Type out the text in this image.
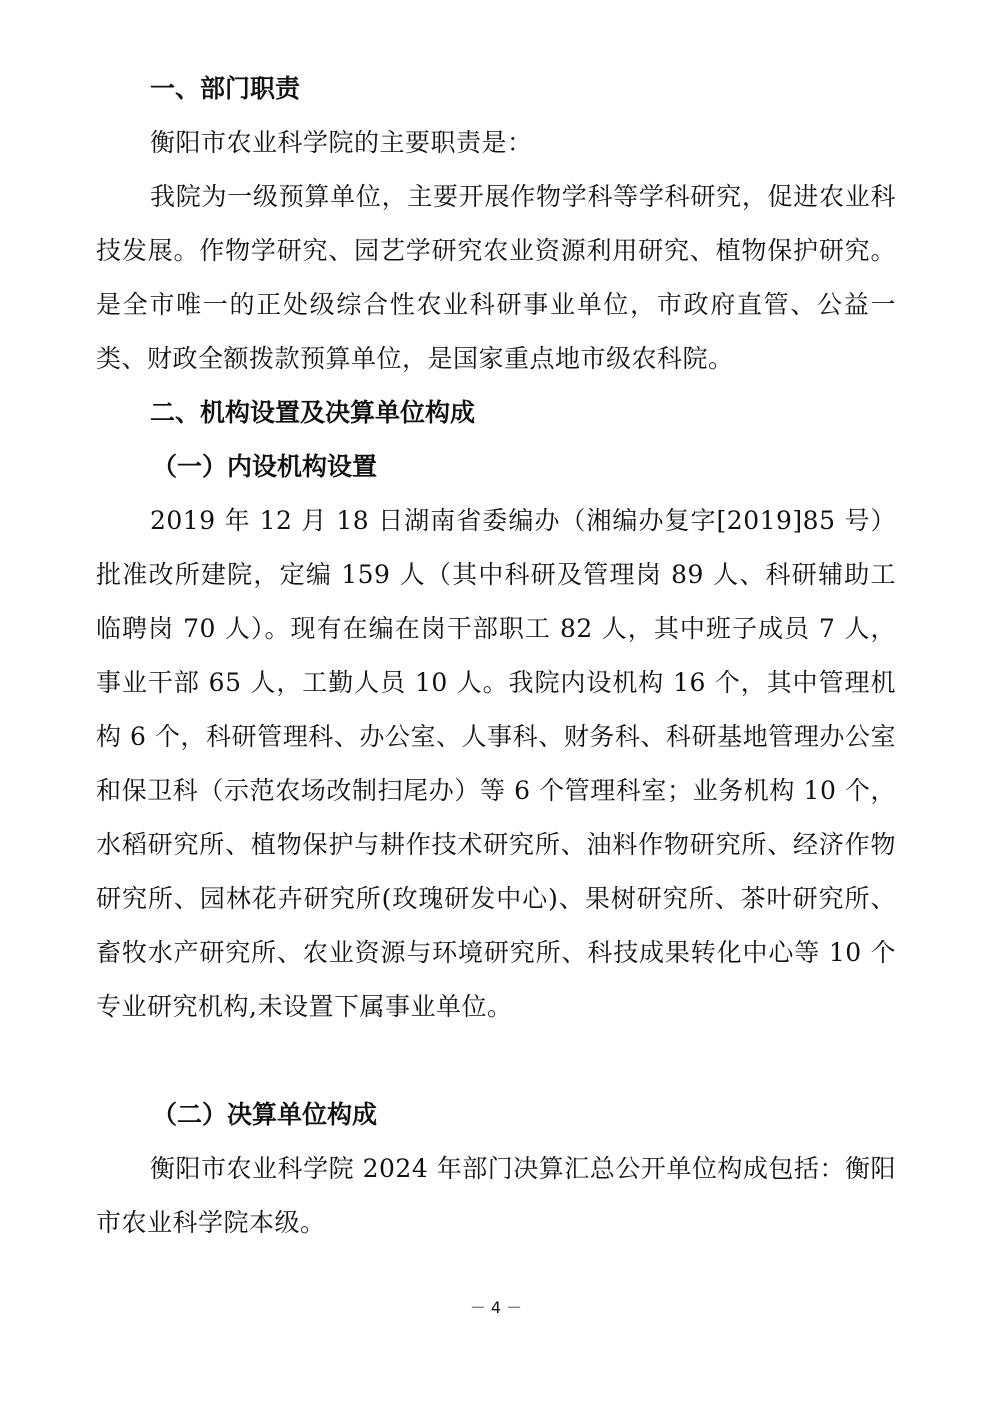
一、部门职责

衡阳市农业科学院的主要职责是：

我院为一级预算单位，主要开展作物学科等学科研究，促进农业科技发展。作物学研究、园艺学研究农业资源利用研究、植物保护研究。是全市唯一的正处级综合性农业科研事业单位，市政府直管、公益一类、财政全额拨款预算单位，是国家重点地市级农科院。

二、机构设置及决算单位构成
（一）内设机构设置

2019 年 12 月 18 日湖南省委编办（湘编办复字[2019]85 号）批准改所建院，定编 159 人（其中科研及管理岗 89 人、科研辅助工临聘岗 70 人）。现有在编在岗干部职工 82 人，其中班子成员 7 人，事业干部 65 人，工勤人员 10 人。我院内设机构 16 个，其中管理机构 6 个，科研管理科、办公室、人事科、财务科、科研基地管理办公室和保卫科（示范农场改制扫尾办）等 6 个管理科室；业务机构 10 个，水稻研究所、植物保护与耕作技术研究所、油料作物研究所、经济作物研究所、园林花卉研究所(玫瑰研发中心)、果树研究所、茶叶研究所、畜牧水产研究所、农业资源与环境研究所、科技成果转化中心等 10 个专业研究机构,未设置下属事业单位。

（二）决算单位构成

衡阳市农业科学院 2024 年部门决算汇总公开单位构成包括：衡阳市农业科学院本级。

－ 4 －
